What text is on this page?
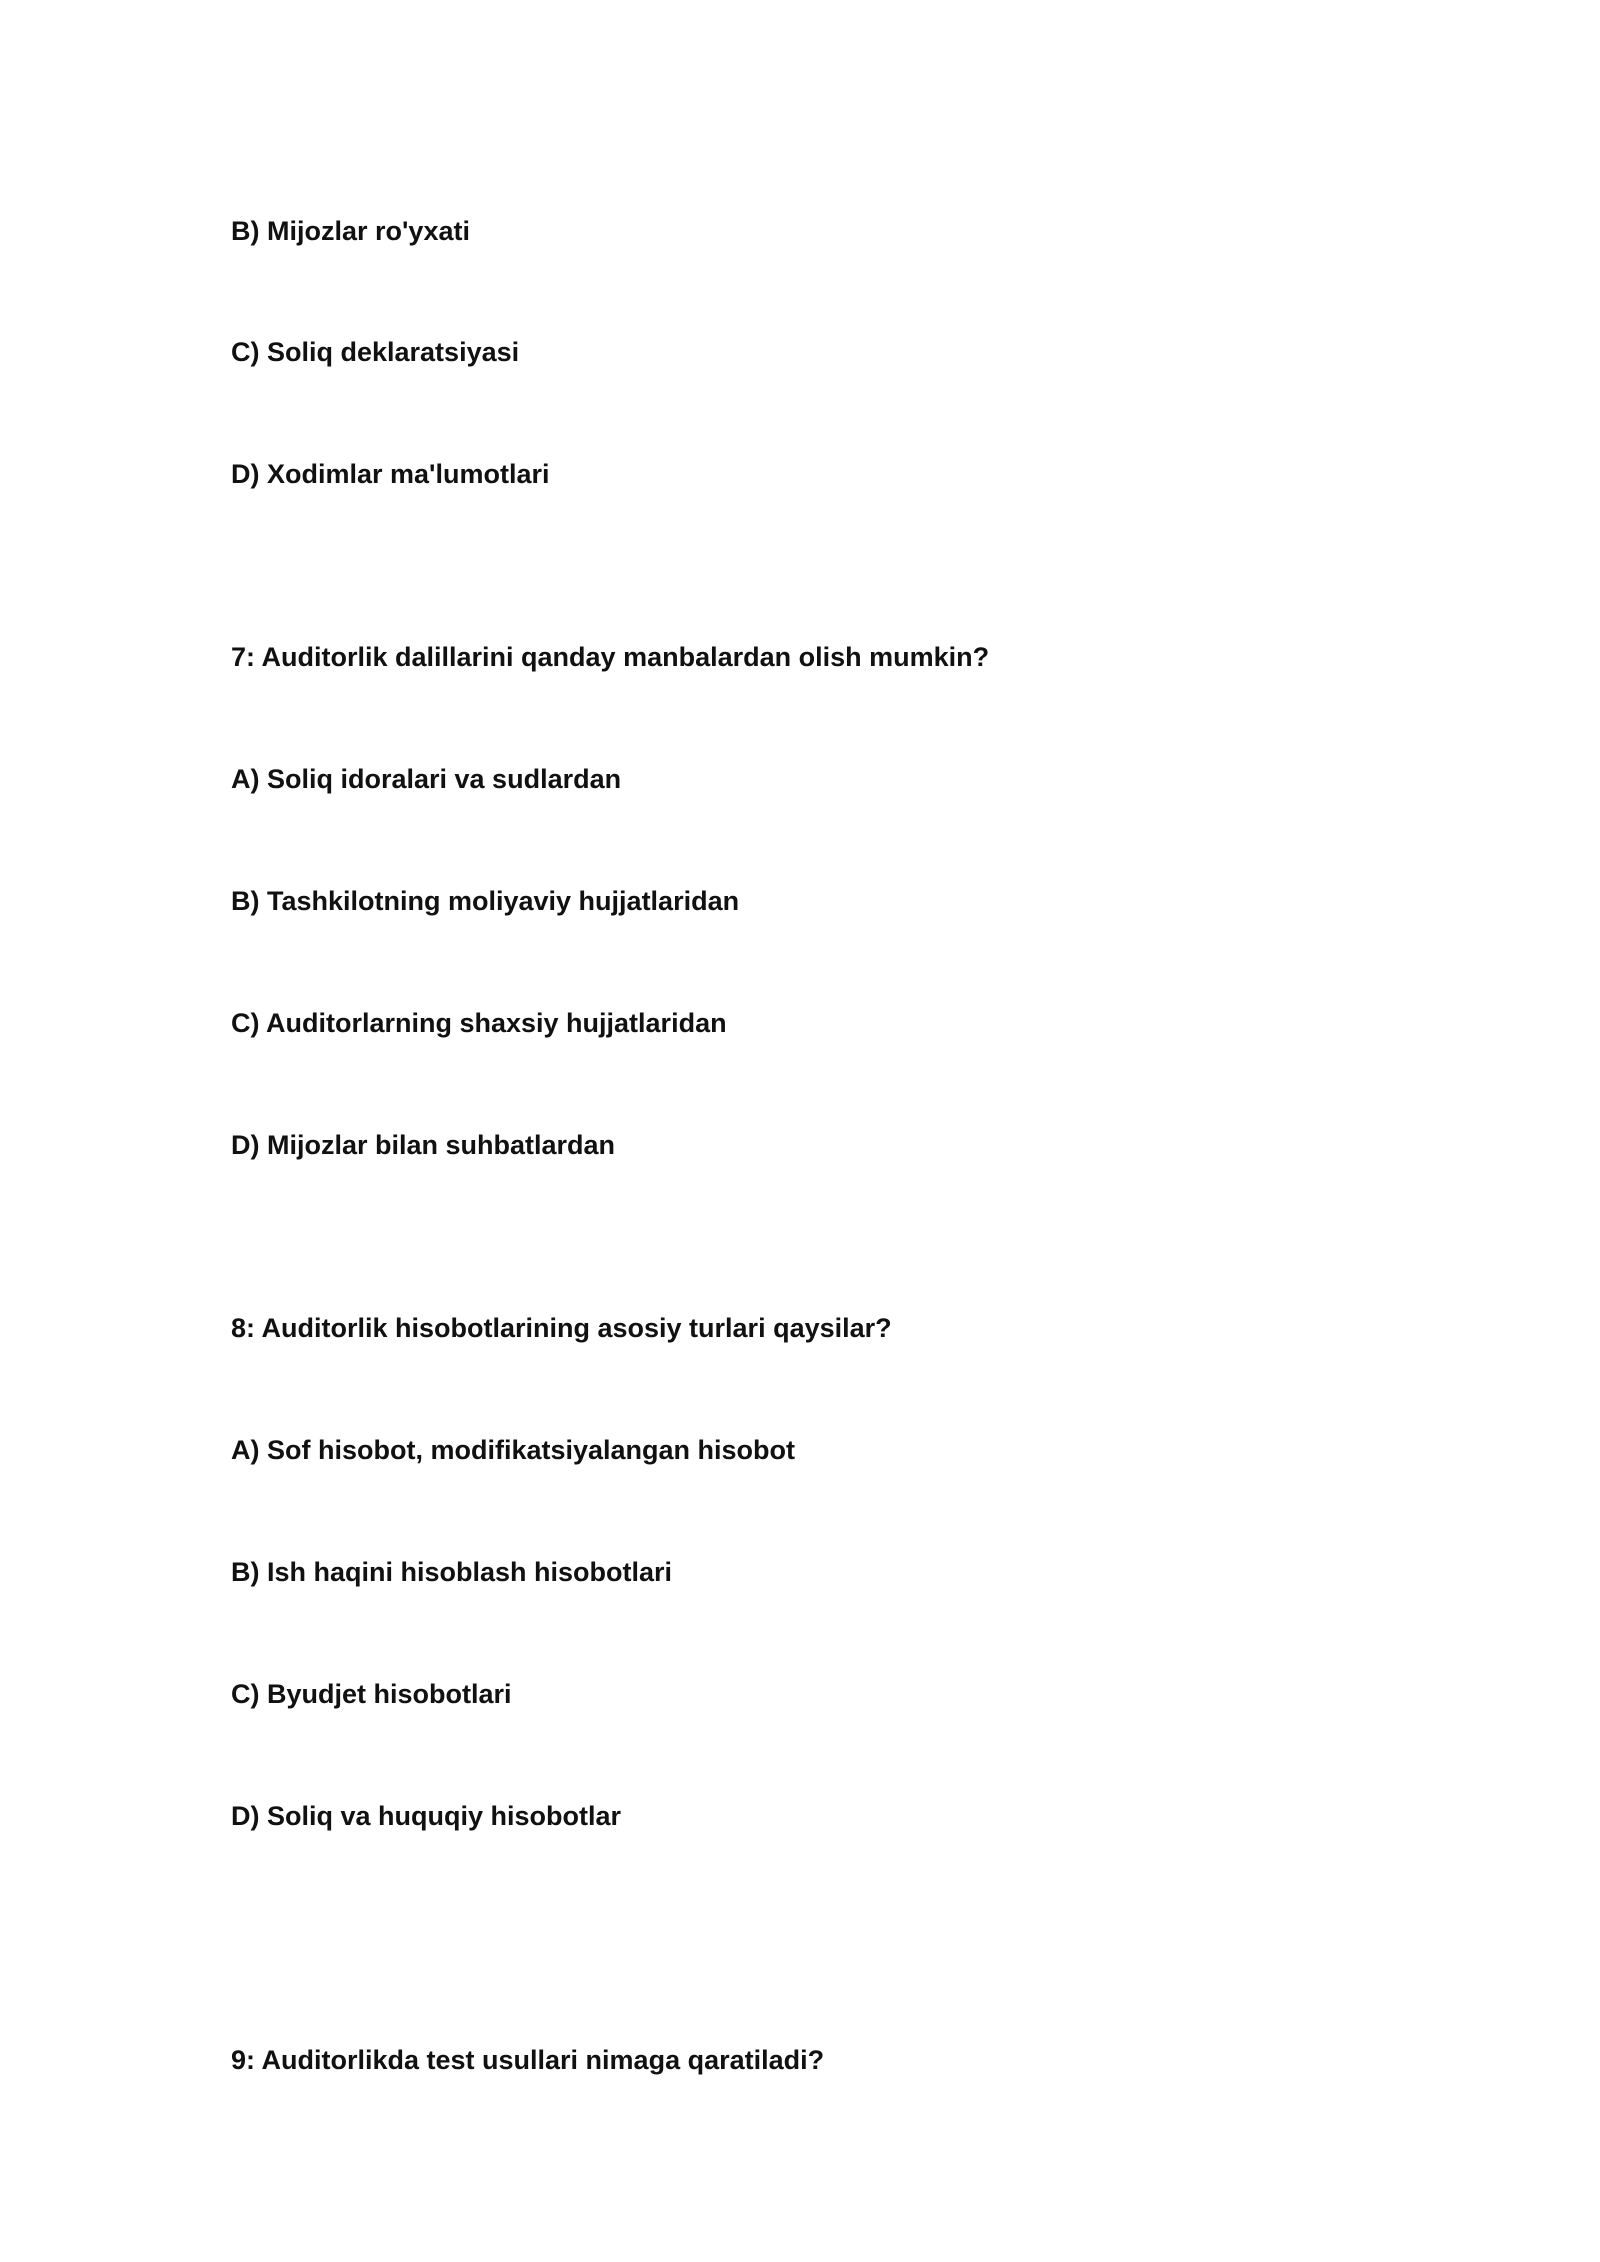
B) Mijozlar ro'yxati
C) Soliq deklaratsiyasi
D) Xodimlar ma'lumotlari
7: Auditorlik dalillarini qanday manbalardan olish mumkin?
A) Soliq idoralari va sudlardan
B) Tashkilotning moliyaviy hujjatlaridan
C) Auditorlarning shaxsiy hujjatlaridan
D) Mijozlar bilan suhbatlardan
8: Auditorlik hisobotlarining asosiy turlari qaysilar?
A) Sof hisobot, modifikatsiyalangan hisobot
B) Ish haqini hisoblash hisobotlari
C) Byudjet hisobotlari
D) Soliq va huquqiy hisobotlar
9: Auditorlikda test usullari nimaga qaratiladi?
